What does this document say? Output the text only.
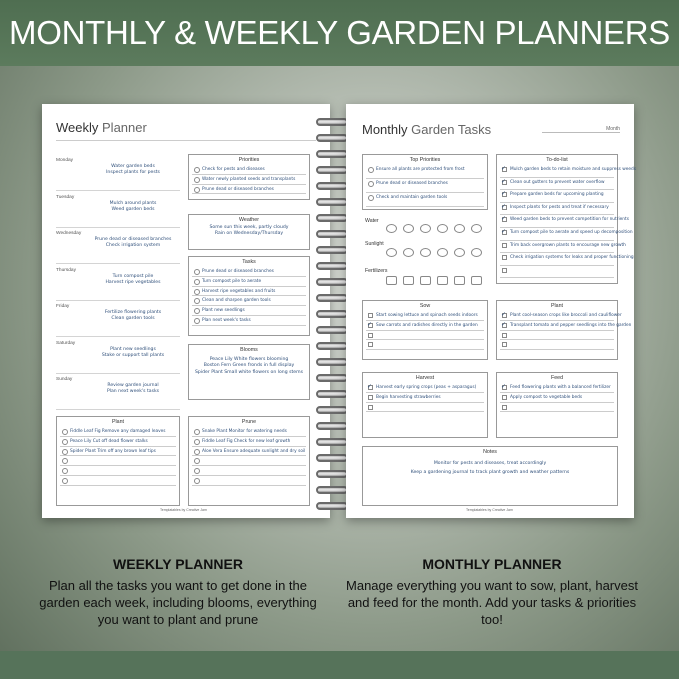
MONTHLY & WEEKLY GARDEN PLANNERS
Weekly Planner
Monday
Water garden beds
Inspect plants for pests
Tuesday
Mulch around plants
Weed garden beds
Wednesday
Prune dead or diseased branches
Check irrigation system
Thursday
Turn compost pile
Harvest ripe vegetables
Friday
Fertilize flowering plants
Clean garden tools
Saturday
Plant new seedlings
Stake or support tall plants
Sunday
Review garden journal
Plan next week's tasks
Priorities
Check for pests and diseases
Water newly planted seeds and transplants
Prune dead or diseased branches
Weather
Some sun this week, partly cloudy
Rain on Wednesday/Thursday
Tasks
Prune dead or diseased branches
Turn compost pile to aerate
Harvest ripe vegetables and fruits
Clean and sharpen garden tools
Plant new seedlings
Plan next week's tasks
Blooms
Peace Lily White flowers blooming
Boston Fern Green fronds in full display
Spider Plant Small white flowers on long stems
Plant
Fiddle Leaf Fig Remove any damaged leaves
Peace Lily Cut off dead flower stalks
Spider Plant Trim off any brown leaf tips
Prune
Snake Plant Monitor for watering needs
Fiddle Leaf Fig Check for new leaf growth
Aloe Vera Ensure adequate sunlight and dry soil
Templatables by Creative Jam
Monthly Garden Tasks	Month
Top Priorities
Ensure all plants are protected from frost
Prune dead or diseased branches
Check and maintain garden tools
Water
Sunlight
Fertilizers
To-do-list
✓ Mulch garden beds to retain moisture and suppress weeds
✓ Clean out gutters to prevent water overflow
✓ Prepare garden beds for upcoming planting
✓ Inspect plants for pests and treat if necessary
✓ Weed garden beds to prevent competition for nutrients
✓ Turn compost pile to aerate and speed up decomposition
Trim back overgrown plants to encourage new growth
Check irrigation systems for leaks and proper functioning
Sow
Start sowing lettuce and spinach seeds indoors
✓ Sow carrots and radishes directly in the garden
Plant
✓ Plant cool-season crops like broccoli and cauliflower
✓ Transplant tomato and pepper seedlings into the garden
Harvest
✓ Harvest early spring crops (peas + asparagus)
Begin harvesting strawberries
Feed
✓ Feed flowering plants with a balanced fertilizer
Apply compost to vegetable beds
Notes
Monitor for pests and diseases, treat accordingly
Keep a gardening journal to track plant growth and weather patterns
Templatables by Creative Jam
WEEKLY PLANNER

Plan all the tasks you want to get done in the garden each week, including blooms, everything you want to plant and prune

MONTHLY PLANNER

Manage everything you want to sow, plant, harvest and feed for the month. Add your tasks & priorities too!
